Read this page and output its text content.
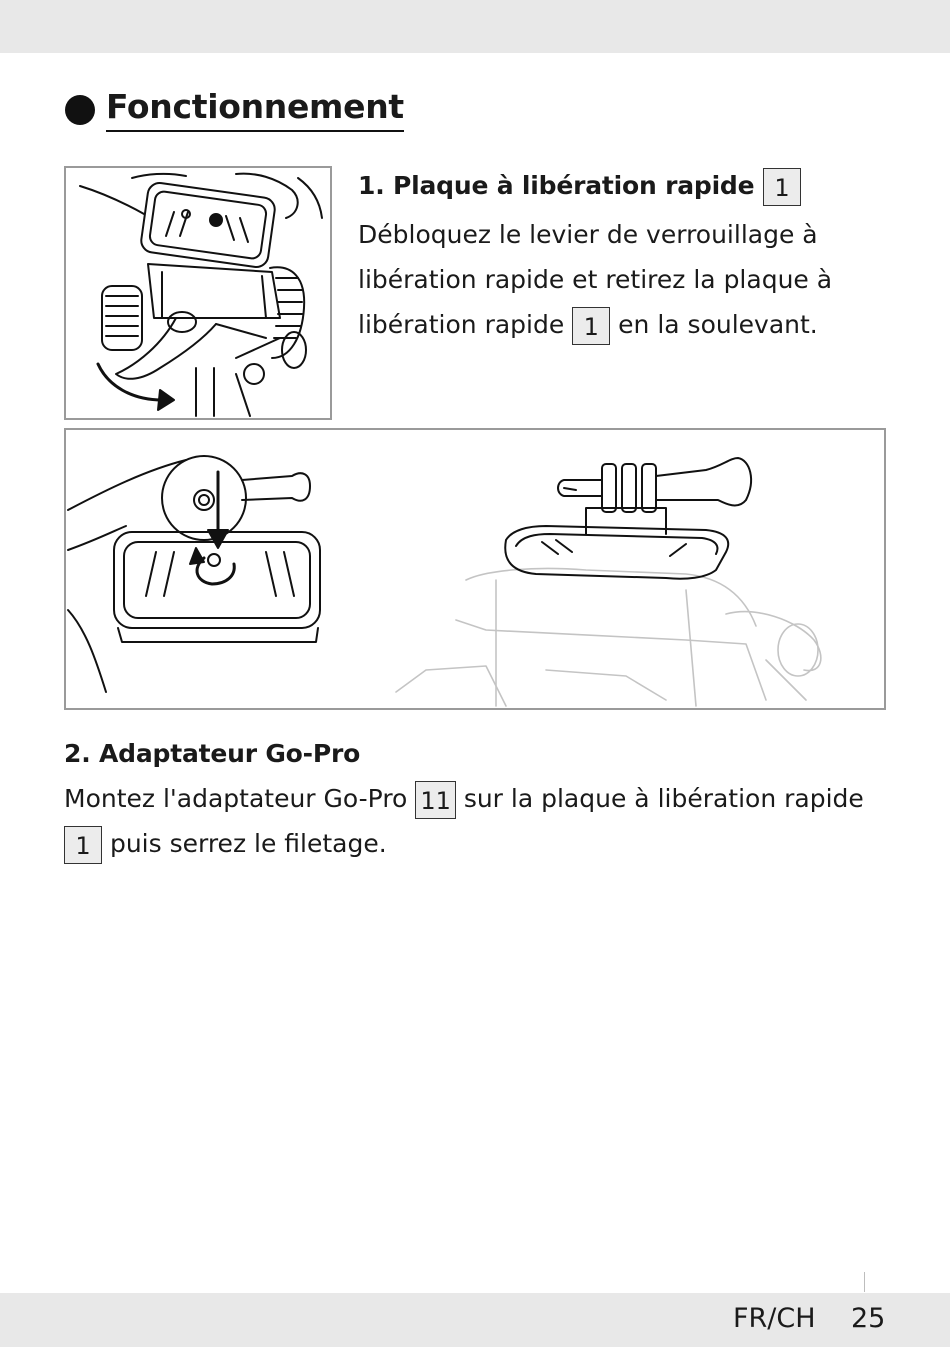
Fonctionnement
1. Plaque à libération rapide 1
Débloquez le levier de verrouillage à
libération rapide et retirez la plaque à
libération rapide 1 en la soulevant.
2. Adaptateur Go-Pro
Montez l'adaptateur Go-Pro 11 sur la plaque à libération rapide
1 puis serrez le filetage.
FR/CH 25
